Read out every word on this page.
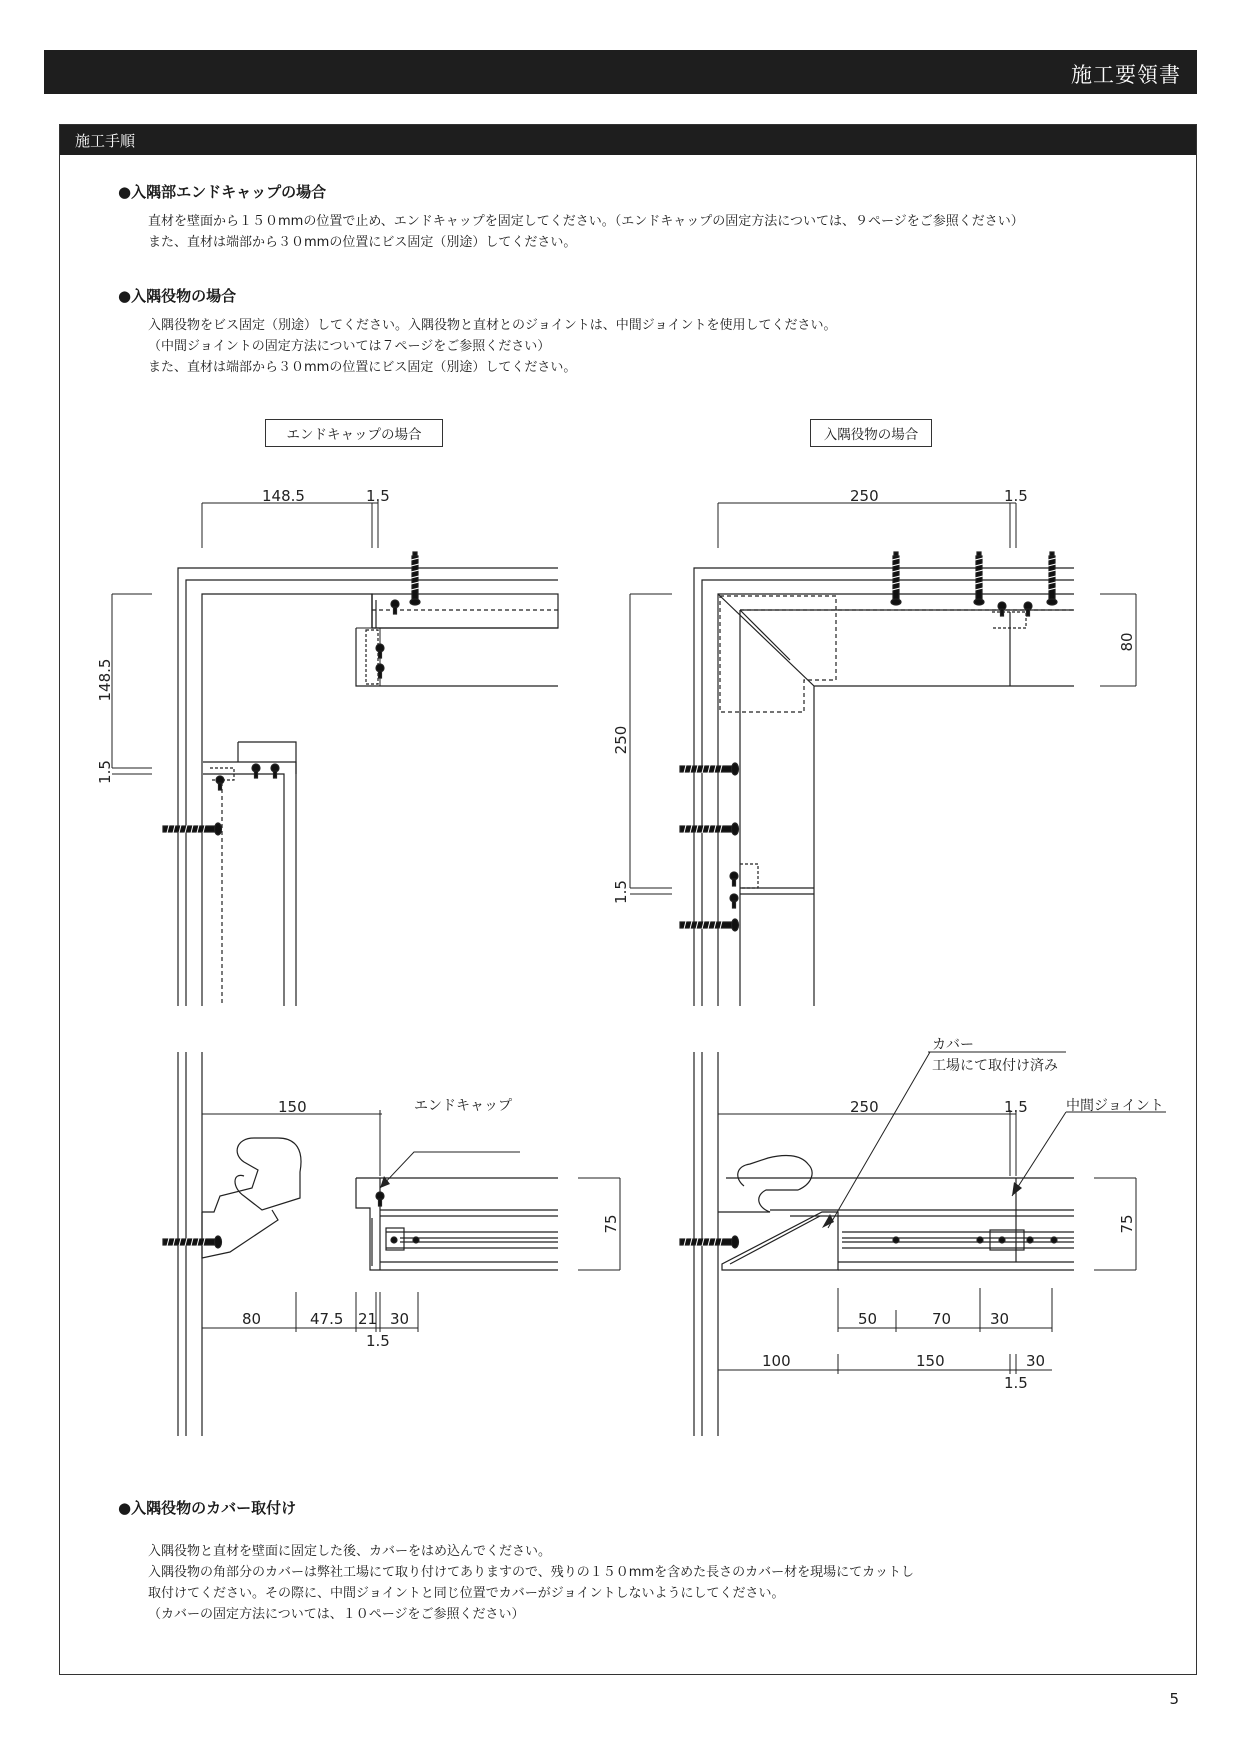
施工要領書
施工手順
●入隅部エンドキャップの場合
直材を壁面から１５０mmの位置で止め、エンドキャップを固定してください。（エンドキャップの固定方法については、９ページをご参照ください）
また、直材は端部から３０mmの位置にビス固定（別途）してください。
●入隅役物の場合
入隅役物をビス固定（別途）してください。入隅役物と直材とのジョイントは、中間ジョイントを使用してください。
（中間ジョイントの固定方法については７ページをご参照ください）
また、直材は端部から３０mmの位置にビス固定（別途）してください。
エンドキャップの場合	入隅役物の場合
148.5	1.5
148.5
1.5
250	1.5
250
1.5
80
150
75
80	47.5 21 30
1.5
250	1.5
75
50	70	30
100	150	30
1.5
エンドキャップ
カバー
工場にて取付け済み
中間ジョイント
●入隅役物のカバー取付け
入隅役物と直材を壁面に固定した後、カバーをはめ込んでください。
入隅役物の角部分のカバーは弊社工場にて取り付けてありますので、残りの１５０mmを含めた長さのカバー材を現場にてカットし
取付けてください。その際に、中間ジョイントと同じ位置でカバーがジョイントしないようにしてください。
（カバーの固定方法については、１０ページをご参照ください）
5
